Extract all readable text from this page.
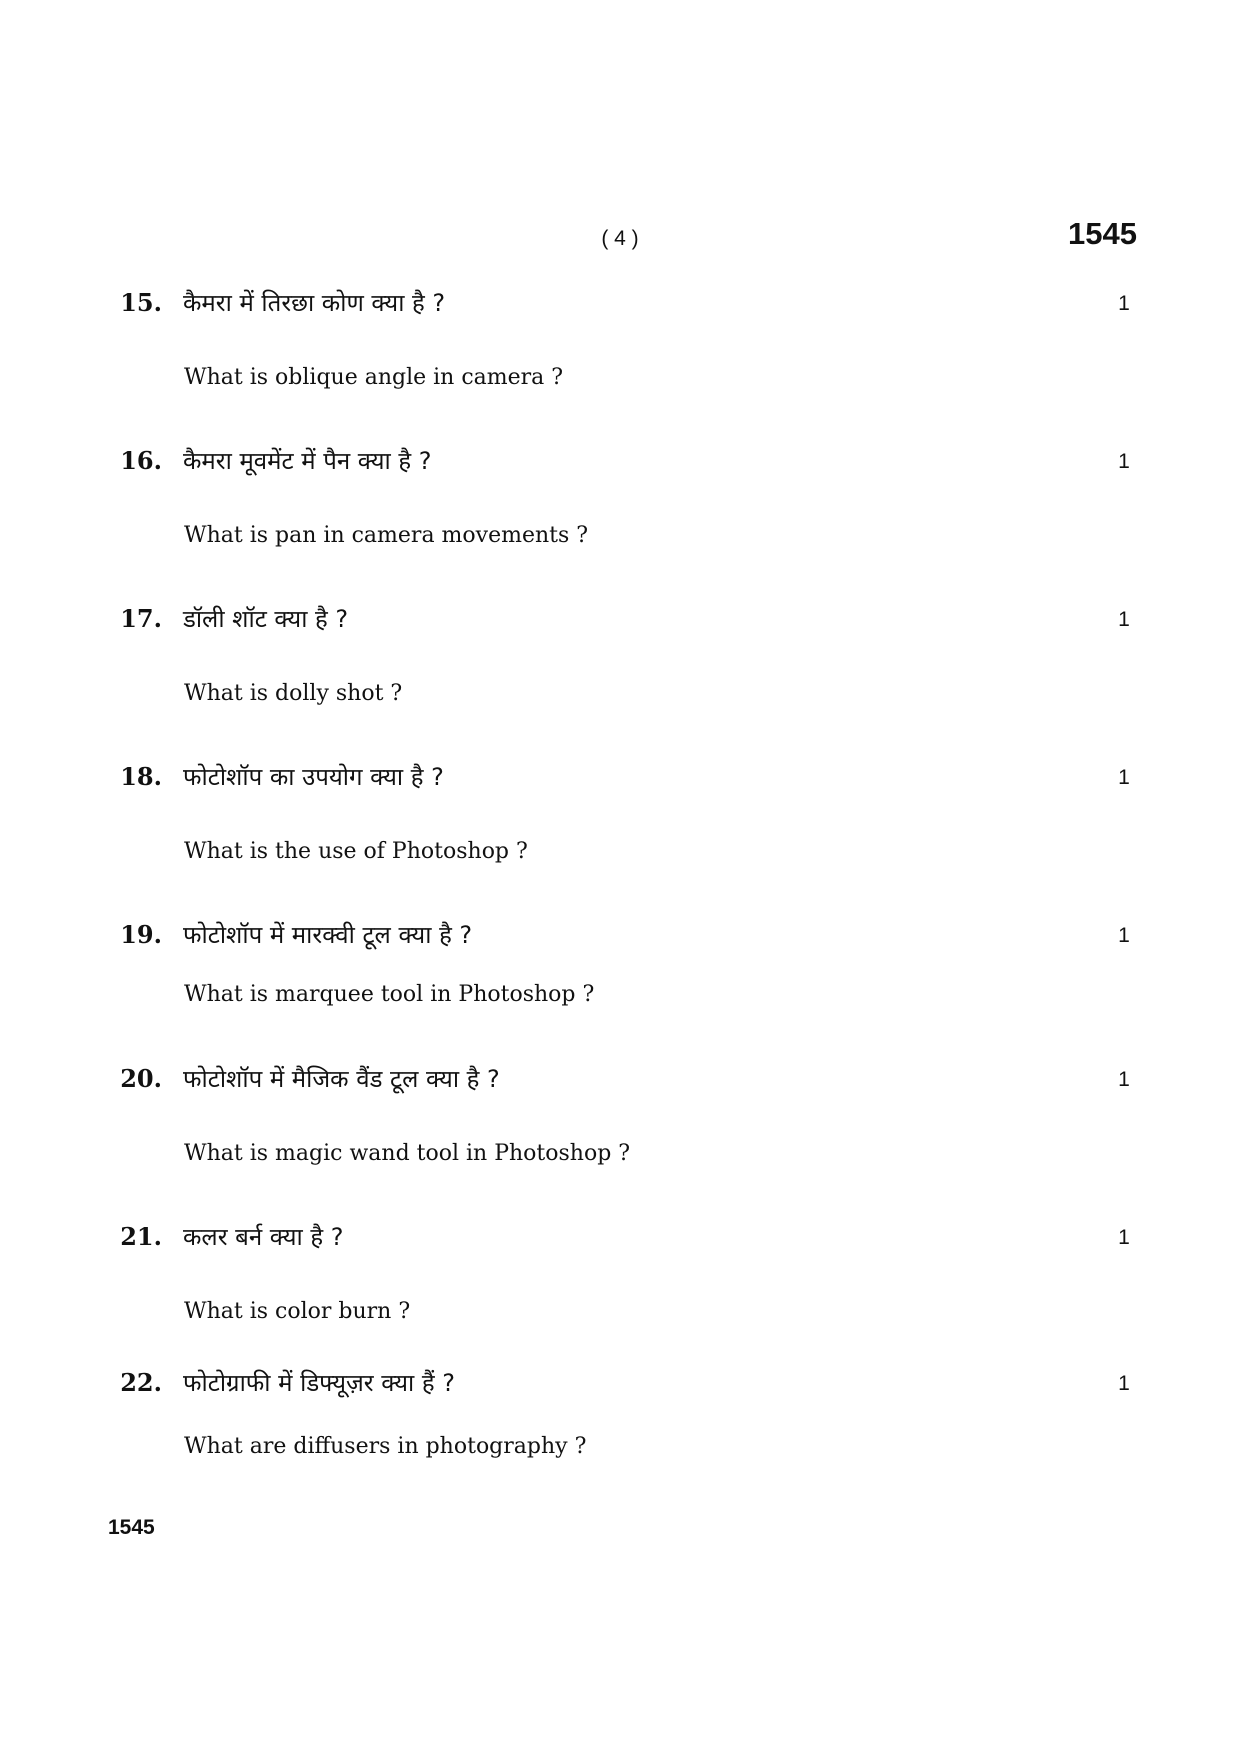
( 4 )	1545
15. कैमरा में तिरछा कोण क्या है ?	1
What is oblique angle in camera ?
16. कैमरा मूवमेंट में पैन क्या है ?	1
What is pan in camera movements ?
17. डॉली शॉट क्या है ?	1
What is dolly shot ?
18. फोटोशॉप का उपयोग क्या है ?	1
What is the use of Photoshop ?
19. फोटोशॉप में मारक्वी टूल क्या है ?	1
What is marquee tool in Photoshop ?
20. फोटोशॉप में मैजिक वैंड टूल क्या है ?	1
What is magic wand tool in Photoshop ?
21. कलर बर्न क्या है ?	1
What is color burn ?
22. फोटोग्राफी में डिफ्यूज़र क्या हैं ?	1
What are diffusers in photography ?
1545
